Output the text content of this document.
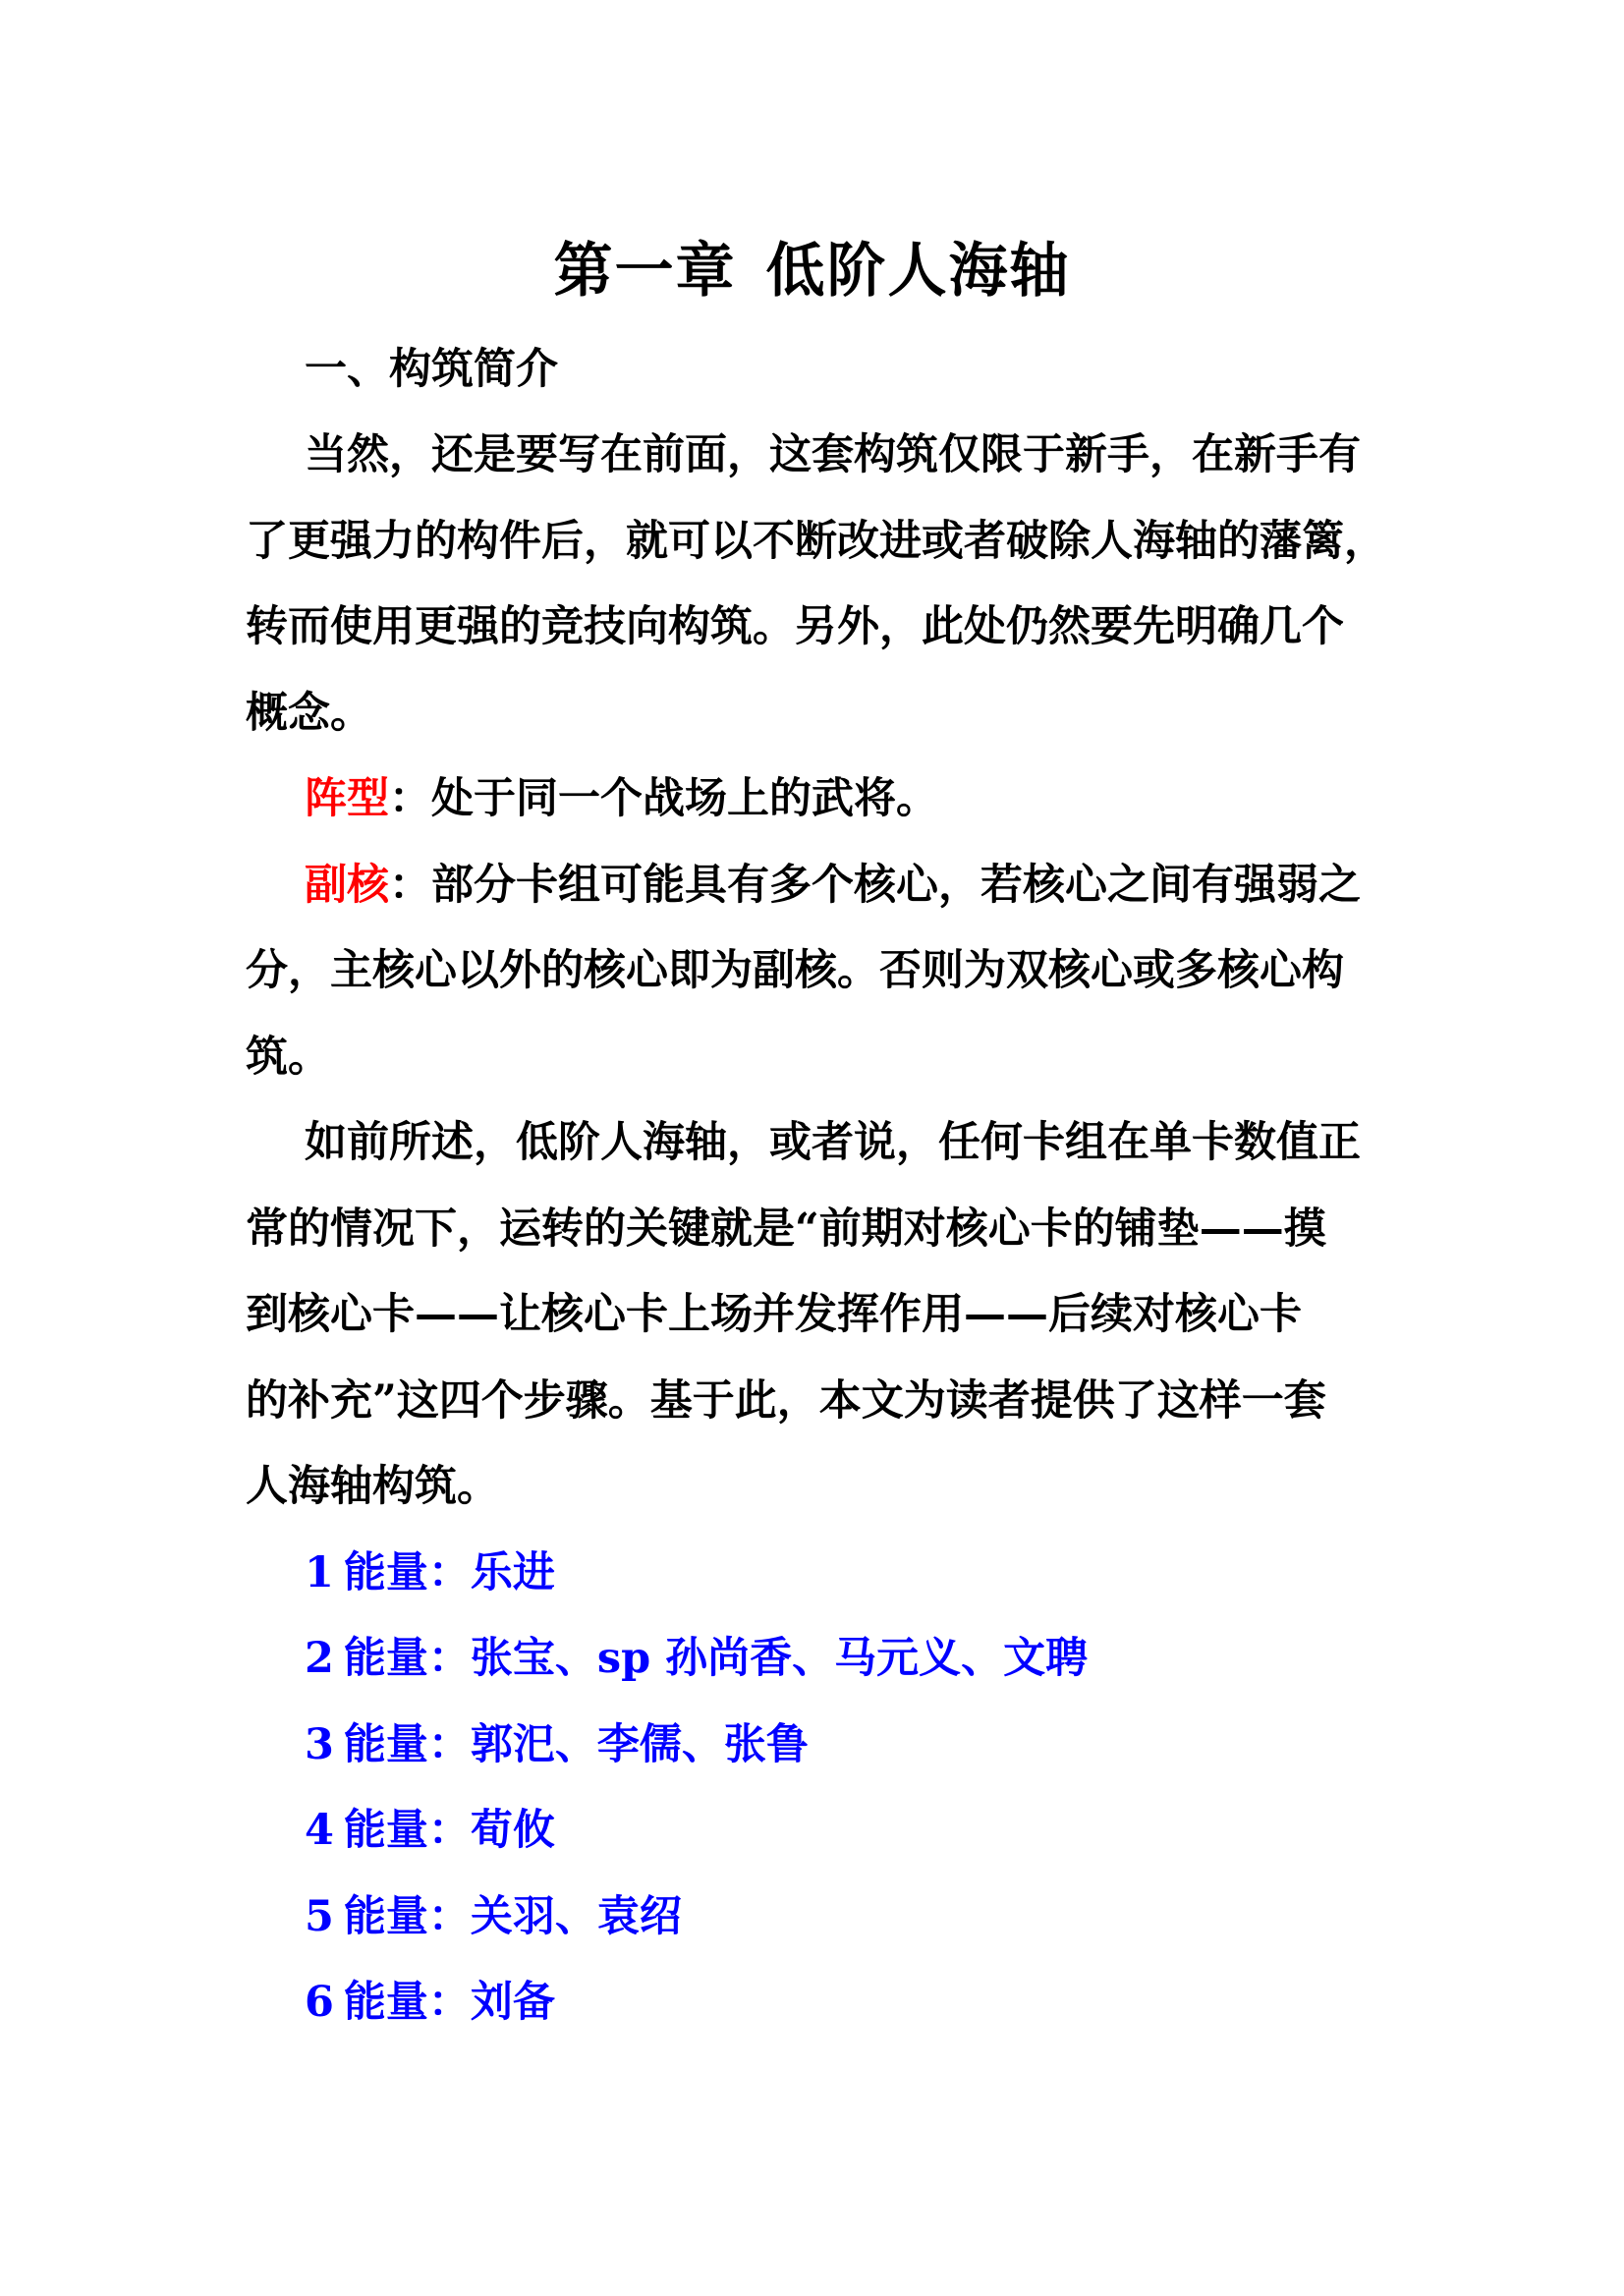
第一章 低阶人海轴
一、构筑简介
当然，还是要写在前面，这套构筑仅限于新手，在新手有
了更强力的构件后，就可以不断改进或者破除人海轴的藩篱，
转而使用更强的竞技向构筑。另外，此处仍然要先明确几个
概念。
阵型：处于同一个战场上的武将。
副核：部分卡组可能具有多个核心，若核心之间有强弱之
分，主核心以外的核心即为副核。否则为双核心或多核心构
筑。
如前所述，低阶人海轴，或者说，任何卡组在单卡数值正
常的情况下，运转的关键就是“前期对核心卡的铺垫——摸
到核心卡——让核心卡上场并发挥作用——后续对核心卡
的补充”这四个步骤。基于此，本文为读者提供了这样一套
人海轴构筑。
1 能量：乐进
2 能量：张宝、sp 孙尚香、马元义、文聘
3 能量：郭汜、李儒、张鲁
4 能量：荀攸
5 能量：关羽、袁绍
6 能量：刘备
